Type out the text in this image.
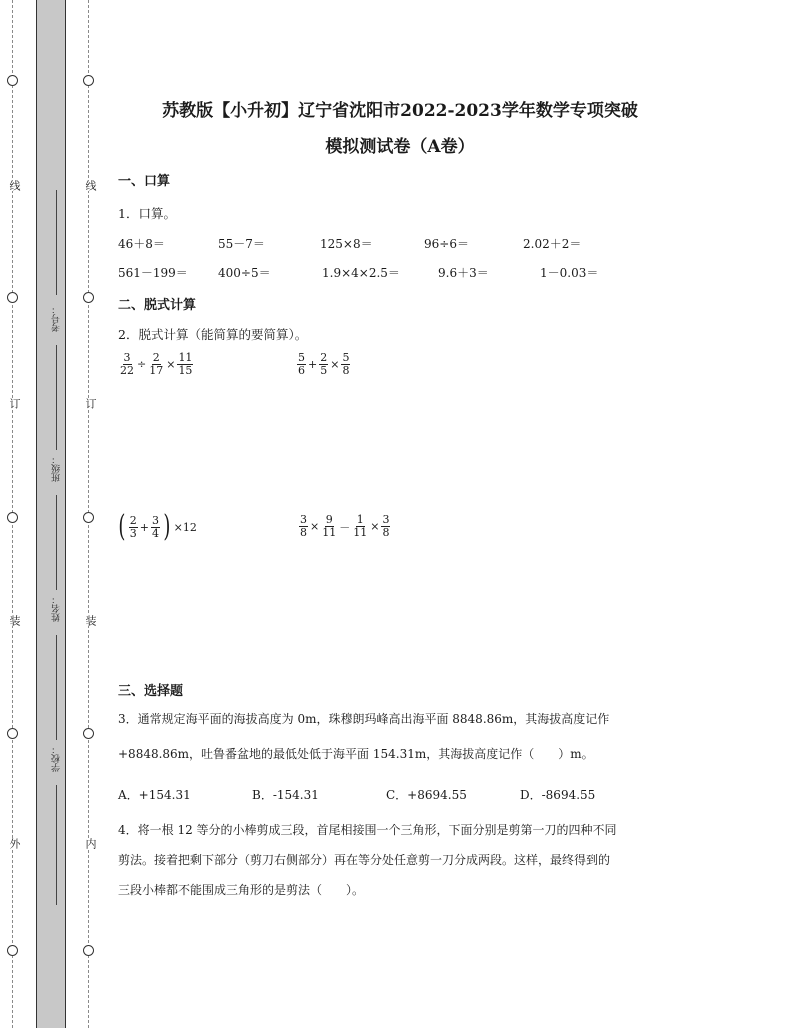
线
订
装
外
线
订
装
内
考号：
班级：
姓名：
学校：
苏教版【小升初】辽宁省沈阳市2022-2023学年数学专项突破
模拟测试卷（A卷）
一、口算
1．口算。
46＋8＝	55－7＝	125×8＝	96÷6＝	2.02＋2＝
561－199＝	400÷5＝	1.9×4×2.5＝	9.6＋3＝	1－0.03＝
二、脱式计算
2．脱式计算（能简算的要简算）。
$\frac{3}{22} \div \frac{2}{17} \times \frac{11}{15}$	$\frac{5}{6} + \frac{2}{5} \times \frac{5}{8}$
( $\frac{2}{3} + \frac{3}{4}$ ) ×12	$\frac{3}{8} \times \frac{9}{11} - \frac{1}{11} \times \frac{3}{8}$
三、选择题
3．通常规定海平面的海拔高度为 0m，珠穆朗玛峰高出海平面 8848.86m，其海拔高度记作
+8848.86m，吐鲁番盆地的最低处低于海平面 154.31m，其海拔高度记作（　　）m。
A．+154.31	B．-154.31	C．+8694.55	D．-8694.55
4．将一根 12 等分的小棒剪成三段，首尾相接围一个三角形，下面分别是剪第一刀的四种不同
剪法。接着把剩下部分（剪刀右侧部分）再在等分处任意剪一刀分成两段。这样，最终得到的
三段小棒都不能围成三角形的是剪法（　　）。
